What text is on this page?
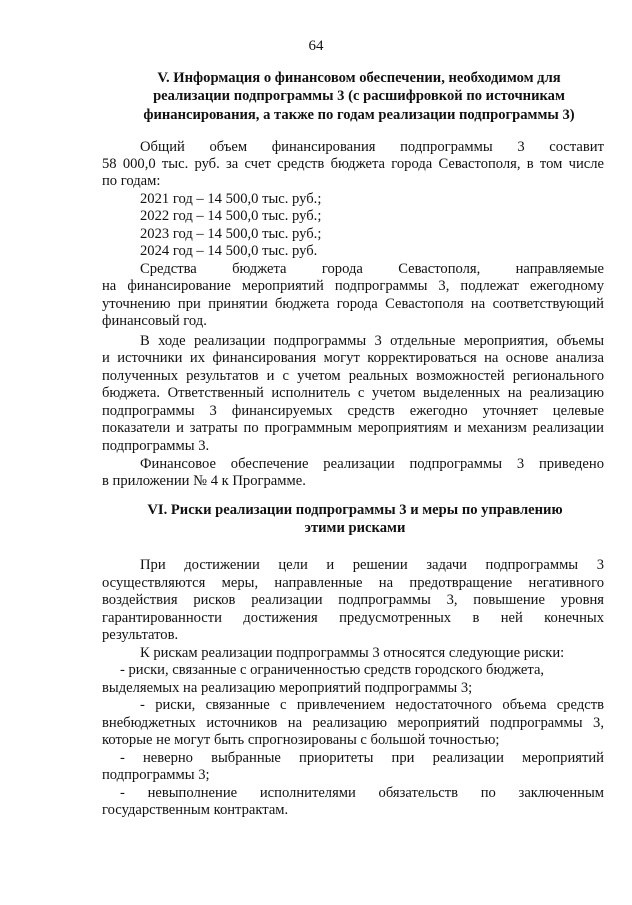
64
V. Информация о финансовом обеспечении, необходимом для
реализации подпрограммы 3 (с расшифровкой по источникам
финансирования, а также по годам реализации подпрограммы 3)
Общий объем финансирования подпрограммы 3 составит
58 000,0 тыс. руб. за счет средств бюджета города Севастополя, в том числе
по годам:
2021 год – 14 500,0 тыс. руб.;
2022 год – 14 500,0 тыс. руб.;
2023 год – 14 500,0 тыс. руб.;
2024 год – 14 500,0 тыс. руб.
Средства бюджета города Севастополя, направляемые
на финансирование мероприятий подпрограммы 3, подлежат ежегодному
уточнению при принятии бюджета города Севастополя на соответствующий
финансовый год.
В ходе реализации подпрограммы 3 отдельные мероприятия, объемы
и источники их финансирования могут корректироваться на основе анализа
полученных результатов и с учетом реальных возможностей регионального
бюджета. Ответственный исполнитель с учетом выделенных на реализацию
подпрограммы 3 финансируемых средств ежегодно уточняет целевые
показатели и затраты по программным мероприятиям и механизм реализации
подпрограммы 3.
Финансовое обеспечение реализации подпрограммы 3 приведено
в приложении № 4 к Программе.
VI. Риски реализации подпрограммы 3 и меры по управлению
этими рисками
При достижении цели и решении задачи подпрограммы 3
осуществляются меры, направленные на предотвращение негативного
воздействия рисков реализации подпрограммы 3, повышение уровня
гарантированности достижения предусмотренных в ней конечных
результатов.
К рискам реализации подпрограммы 3 относятся следующие риски:
- риски, связанные с ограниченностью средств городского бюджета,
выделяемых на реализацию мероприятий подпрограммы 3;
- риски, связанные с привлечением недостаточного объема средств
внебюджетных источников на реализацию мероприятий подпрограммы 3,
которые не могут быть спрогнозированы с большой точностью;
- неверно выбранные приоритеты при реализации мероприятий
подпрограммы 3;
- невыполнение исполнителями обязательств по заключенным
государственным контрактам.
